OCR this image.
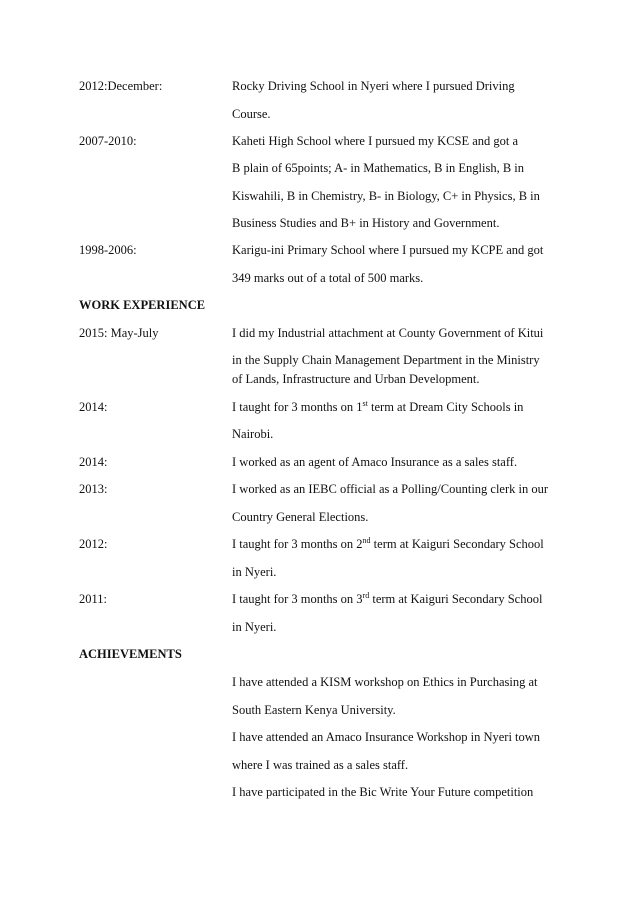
2012:December:	Rocky Driving School in Nyeri where I pursued Driving
Course.
2007-2010:	Kaheti High School where I pursued my KCSE and got a
B plain of 65points; A- in Mathematics, B in English, B in
Kiswahili, B in Chemistry, B- in Biology, C+ in Physics, B in
Business Studies and B+ in History and Government.
1998-2006:	Karigu-ini Primary School where I pursued my KCPE and got
349 marks out of a total of 500 marks.
WORK EXPERIENCE
2015: May-July	I did my Industrial attachment at County Government of Kitui
in the Supply Chain Management Department in the Ministry
of Lands, Infrastructure and Urban Development.
2014:	I taught for 3 months on 1st term at Dream City Schools in
Nairobi.
2014:	I worked as an agent of Amaco Insurance as a sales staff.
2013:	I worked as an IEBC official as a Polling/Counting clerk in our
Country General Elections.
2012:	I taught for 3 months on 2nd term at Kaiguri Secondary School
in Nyeri.
2011:	I taught for 3 months on 3rd term at Kaiguri Secondary School
in Nyeri.
ACHIEVEMENTS
I have attended a KISM workshop on Ethics in Purchasing at
South Eastern Kenya University.
I have attended an Amaco Insurance Workshop in Nyeri town
where I was trained as a sales staff.
I have participated in the Bic Write Your Future competition
